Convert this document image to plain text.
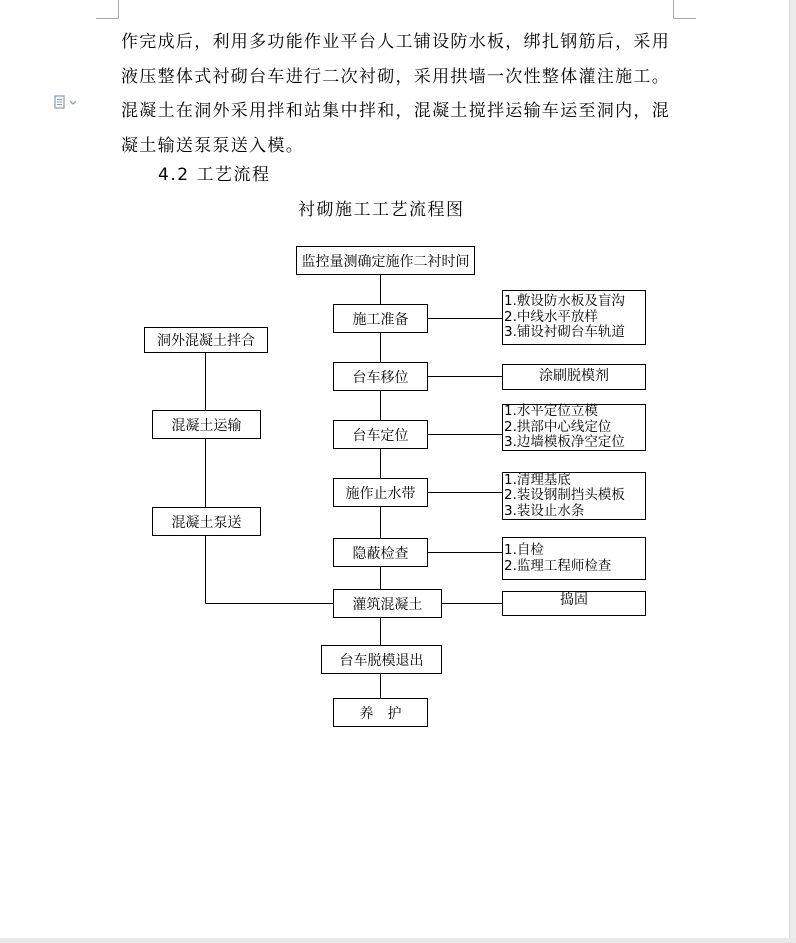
作完成后，利用多功能作业平台人工铺设防水板，绑扎钢筋后，采用
液压整体式衬砌台车进行二次衬砌，采用拱墙一次性整体灌注施工。
混凝土在洞外采用拌和站集中拌和，混凝土搅拌运输车运至洞内，混
凝土输送泵泵送入模。
4.2 工艺流程
衬砌施工工艺流程图
监控量测确定施作二衬时间
施工准备
台车移位
台车定位
施作止水带
隐蔽检查
灌筑混凝土
台车脱模退出
养　护
洞外混凝土拌合
混凝土运输
混凝土泵送
1.敷设防水板及盲沟
2.中线水平放样
3.铺设衬砌台车轨道
涂刷脱模剂
1.水平定位立模
2.拱部中心线定位
3.边墙模板净空定位
1.清理基底
2.装设钢制挡头模板
3.装设止水条
1.自检
2.监理工程师检查
捣固
